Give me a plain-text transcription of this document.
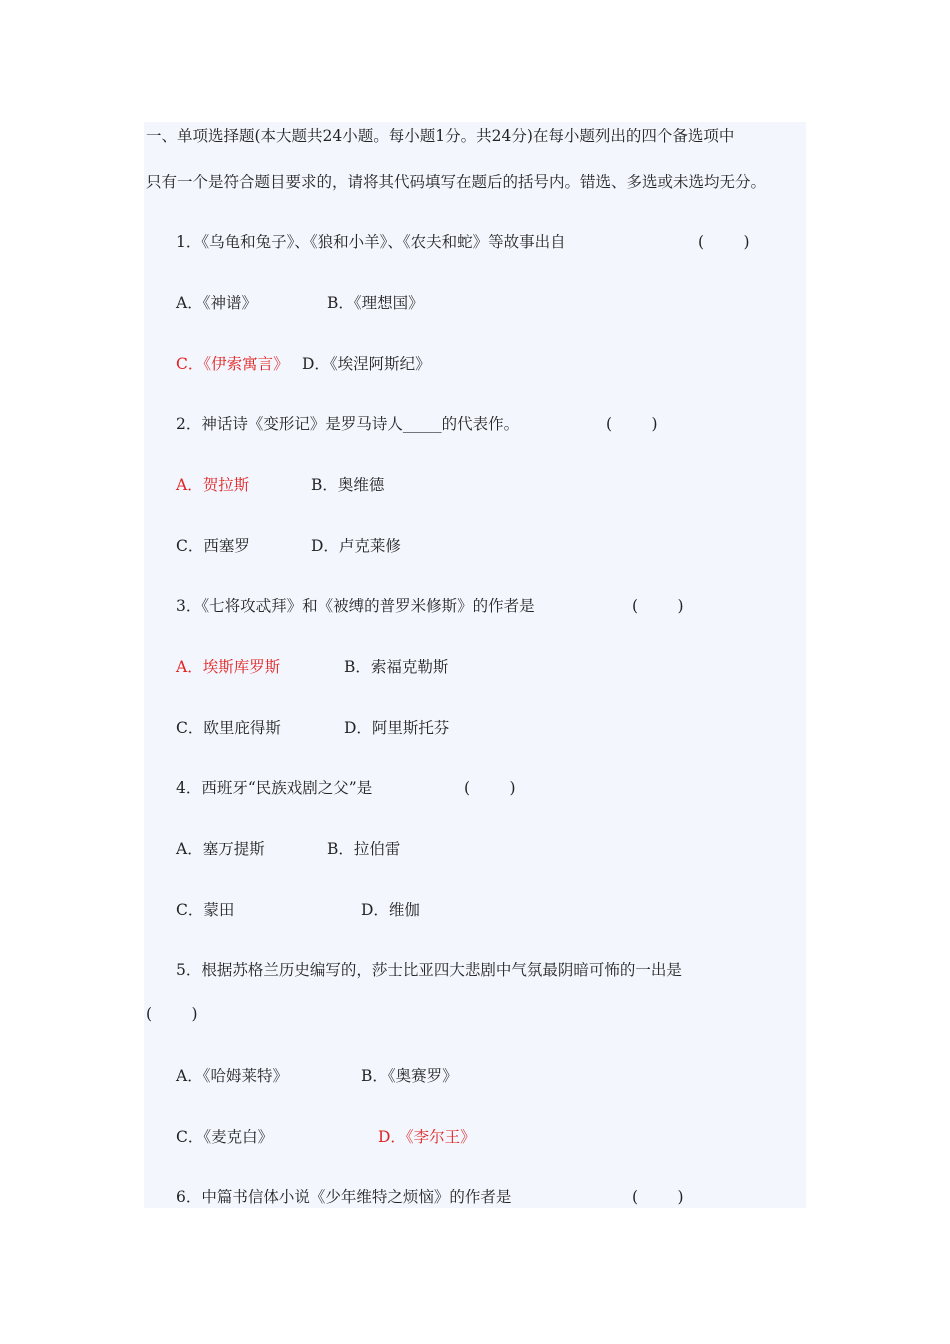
一、单项选择题(本大题共24小题。每小题1分。共24分)在每小题列出的四个备选项中
只有一个是符合题目要求的，请将其代码填写在题后的括号内。错选、多选或未选均无分。
1．《乌龟和兔子》、《狼和小羊》、《农夫和蛇》等故事出自	(        )
A．《神谱》	B．《理想国》
C．《伊索寓言》 D．《埃涅阿斯纪》
2．神话诗《变形记》是罗马诗人_____的代表作。	(        )
A．贺拉斯	B．奥维德
C．西塞罗	D．卢克莱修
3．《七将攻忒拜》和《被缚的普罗米修斯》的作者是	(        )
A．埃斯库罗斯	B．索福克勒斯
C．欧里庇得斯	D．阿里斯托芬
4．西班牙“民族戏剧之父”是	(        )
A．塞万提斯	B．拉伯雷
C．蒙田	D．维伽
5．根据苏格兰历史编写的，莎士比亚四大悲剧中气氛最阴暗可怖的一出是
(        )
A．《哈姆莱特》	B．《奥赛罗》
C．《麦克白》	D．《李尔王》
6．中篇书信体小说《少年维特之烦恼》的作者是	(        )
